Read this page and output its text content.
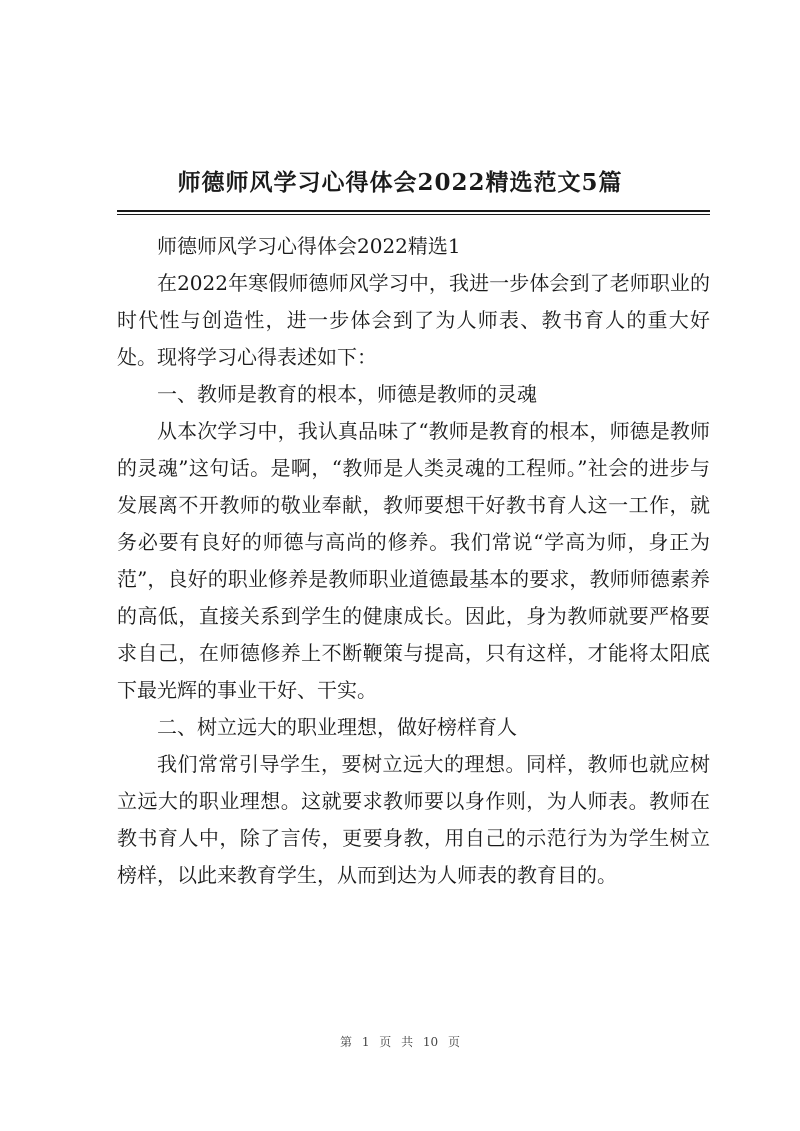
师德师风学习心得体会2022精选范文5篇

师德师风学习心得体会2022精选1

在2022年寒假师德师风学习中，我进一步体会到了老师职业的时代性与创造性，进一步体会到了为人师表、教书育人的重大好处。现将学习心得表述如下：

一、教师是教育的根本，师德是教师的灵魂

从本次学习中，我认真品味了“教师是教育的根本，师德是教师的灵魂”这句话。是啊，“教师是人类灵魂的工程师。”社会的进步与发展离不开教师的敬业奉献，教师要想干好教书育人这一工作，就务必要有良好的师德与高尚的修养。我们常说“学高为师，身正为范”，良好的职业修养是教师职业道德最基本的要求，教师师德素养的高低，直接关系到学生的健康成长。因此，身为教师就要严格要求自己，在师德修养上不断鞭策与提高，只有这样，才能将太阳底下最光辉的事业干好、干实。

二、树立远大的职业理想，做好榜样育人

我们常常引导学生，要树立远大的理想。同样，教师也就应树立远大的职业理想。这就要求教师要以身作则，为人师表。教师在教书育人中，除了言传，更要身教，用自己的示范行为为学生树立榜样，以此来教育学生，从而到达为人师表的教育目的。

第 1 页 共 10 页
